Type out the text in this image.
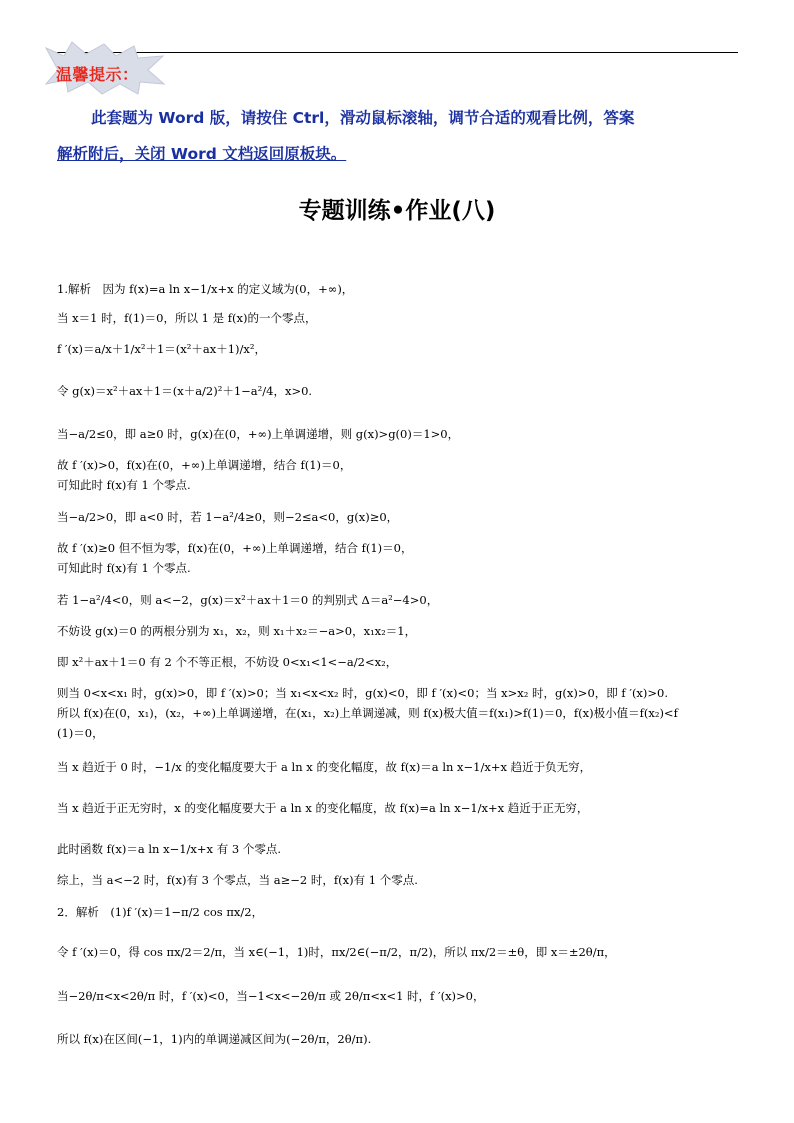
温馨提示：

此套题为 Word 版，请按住 Ctrl，滑动鼠标滚轴，调节合适的观看比例，答案

解析附后，关闭 Word 文档返回原板块。
专题训练•作业(八)
1.解析　因为 f(x)=a ln x−1/x+x 的定义域为(0，+∞)，
当 x＝1 时，f(1)＝0，所以 1 是 f(x)的一个零点，
f ′(x)＝a/x＋1/x²＋1＝(x²＋ax＋1)/x²，
令 g(x)＝x²＋ax＋1＝(x＋a/2)²＋1−a²/4，x>0.
当−a/2≤0，即 a≥0 时，g(x)在(0，+∞)上单调递增，则 g(x)>g(0)＝1>0，
故 f ′(x)>0，f(x)在(0，+∞)上单调递增，结合 f(1)＝0，
可知此时 f(x)有 1 个零点.
当−a/2>0，即 a<0 时，若 1−a²/4≥0，则−2≤a<0，g(x)≥0，
故 f ′(x)≥0 但不恒为零，f(x)在(0，+∞)上单调递增，结合 f(1)＝0，
可知此时 f(x)有 1 个零点.
若 1−a²/4<0，则 a<−2，g(x)＝x²＋ax＋1＝0 的判别式 Δ＝a²−4>0，
不妨设 g(x)＝0 的两根分别为 x₁，x₂，则 x₁＋x₂＝−a>0，x₁x₂＝1，
即 x²＋ax＋1＝0 有 2 个不等正根，不妨设 0<x₁<1<−a/2<x₂，
则当 0<x<x₁ 时，g(x)>0，即 f ′(x)>0；当 x₁<x<x₂ 时，g(x)<0，即 f ′(x)<0；当 x>x₂ 时，g(x)>0，即 f ′(x)>0.
所以 f(x)在(0，x₁)，(x₂，+∞)上单调递增，在(x₁，x₂)上单调递减，则 f(x)极大值＝f(x₁)>f(1)＝0，f(x)极小值＝f(x₂)<f
(1)＝0，
当 x 趋近于 0 时，−1/x 的变化幅度要大于 a ln x 的变化幅度，故 f(x)＝a ln x−1/x+x 趋近于负无穷，
当 x 趋近于正无穷时，x 的变化幅度要大于 a ln x 的变化幅度，故 f(x)=a ln x−1/x+x 趋近于正无穷，
此时函数 f(x)＝a ln x−1/x+x 有 3 个零点.
综上，当 a<−2 时，f(x)有 3 个零点，当 a≥−2 时，f(x)有 1 个零点.
2．解析　(1)f ′(x)＝1−π/2 cos πx/2，
令 f ′(x)＝0，得 cos πx/2＝2/π，当 x∈(−1，1)时，πx/2∈(−π/2，π/2)，所以 πx/2＝±θ，即 x＝±2θ/π，
当−2θ/π<x<2θ/π 时，f ′(x)<0，当−1<x<−2θ/π 或 2θ/π<x<1 时，f ′(x)>0，
所以 f(x)在区间(−1，1)内的单调递减区间为(−2θ/π，2θ/π).
